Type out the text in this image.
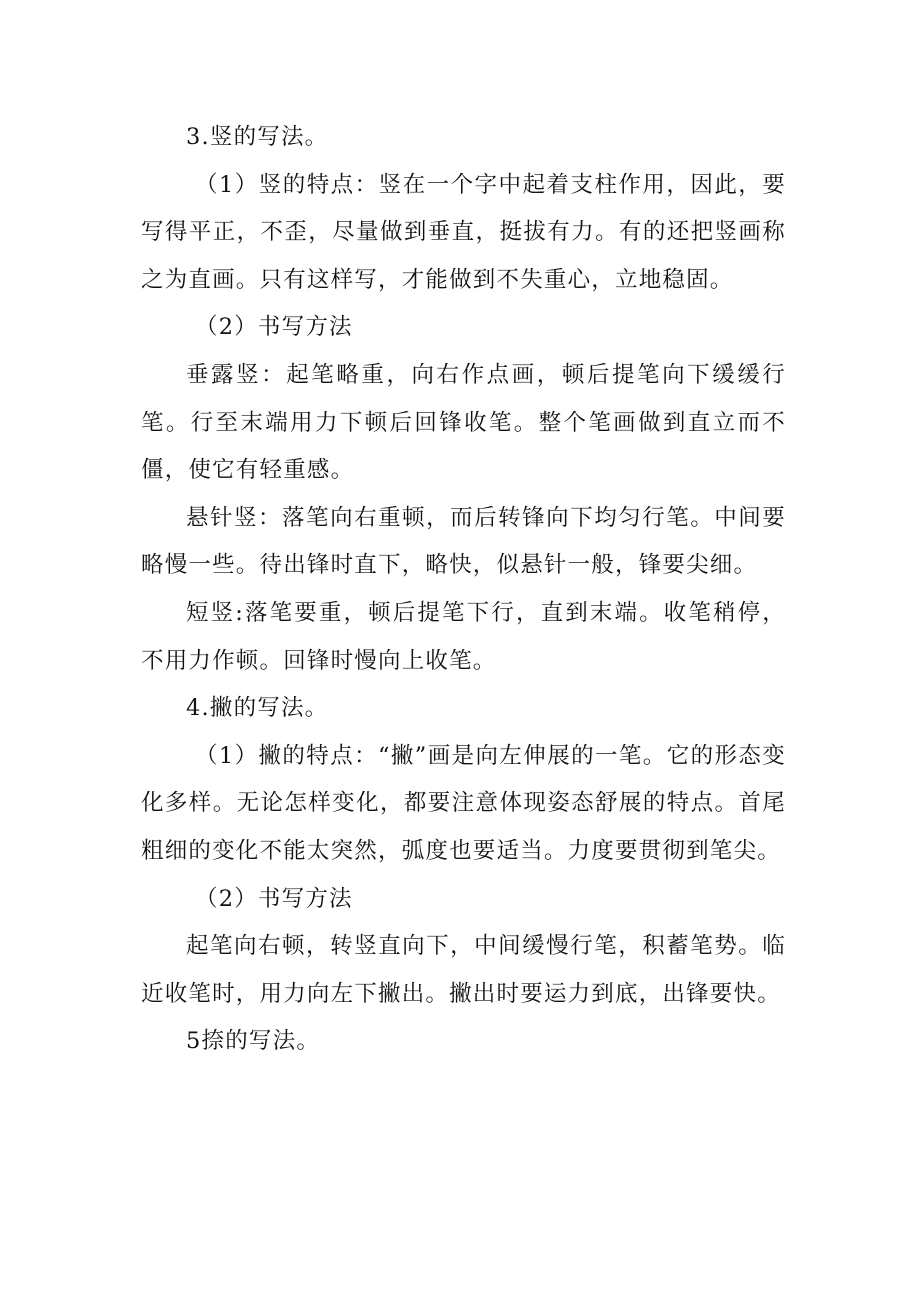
3.竖的写法。

（1）竖的特点：竖在一个字中起着支柱作用，因此，要写得平正，不歪，尽量做到垂直，挺拔有力。有的还把竖画称之为直画。只有这样写，才能做到不失重心，立地稳固。

（2）书写方法

垂露竖：起笔略重，向右作点画，顿后提笔向下缓缓行笔。行至末端用力下顿后回锋收笔。整个笔画做到直立而不僵，使它有轻重感。

悬针竖：落笔向右重顿，而后转锋向下均匀行笔。中间要略慢一些。待出锋时直下，略快，似悬针一般，锋要尖细。

短竖:落笔要重，顿后提笔下行，直到末端。收笔稍停，不用力作顿。回锋时慢向上收笔。

4.撇的写法。

（1）撇的特点：“撇”画是向左伸展的一笔。它的形态变化多样。无论怎样变化，都要注意体现姿态舒展的特点。首尾粗细的变化不能太突然，弧度也要适当。力度要贯彻到笔尖。

（2）书写方法

起笔向右顿，转竖直向下，中间缓慢行笔，积蓄笔势。临近收笔时，用力向左下撇出。撇出时要运力到底，出锋要快。

5捺的写法。
